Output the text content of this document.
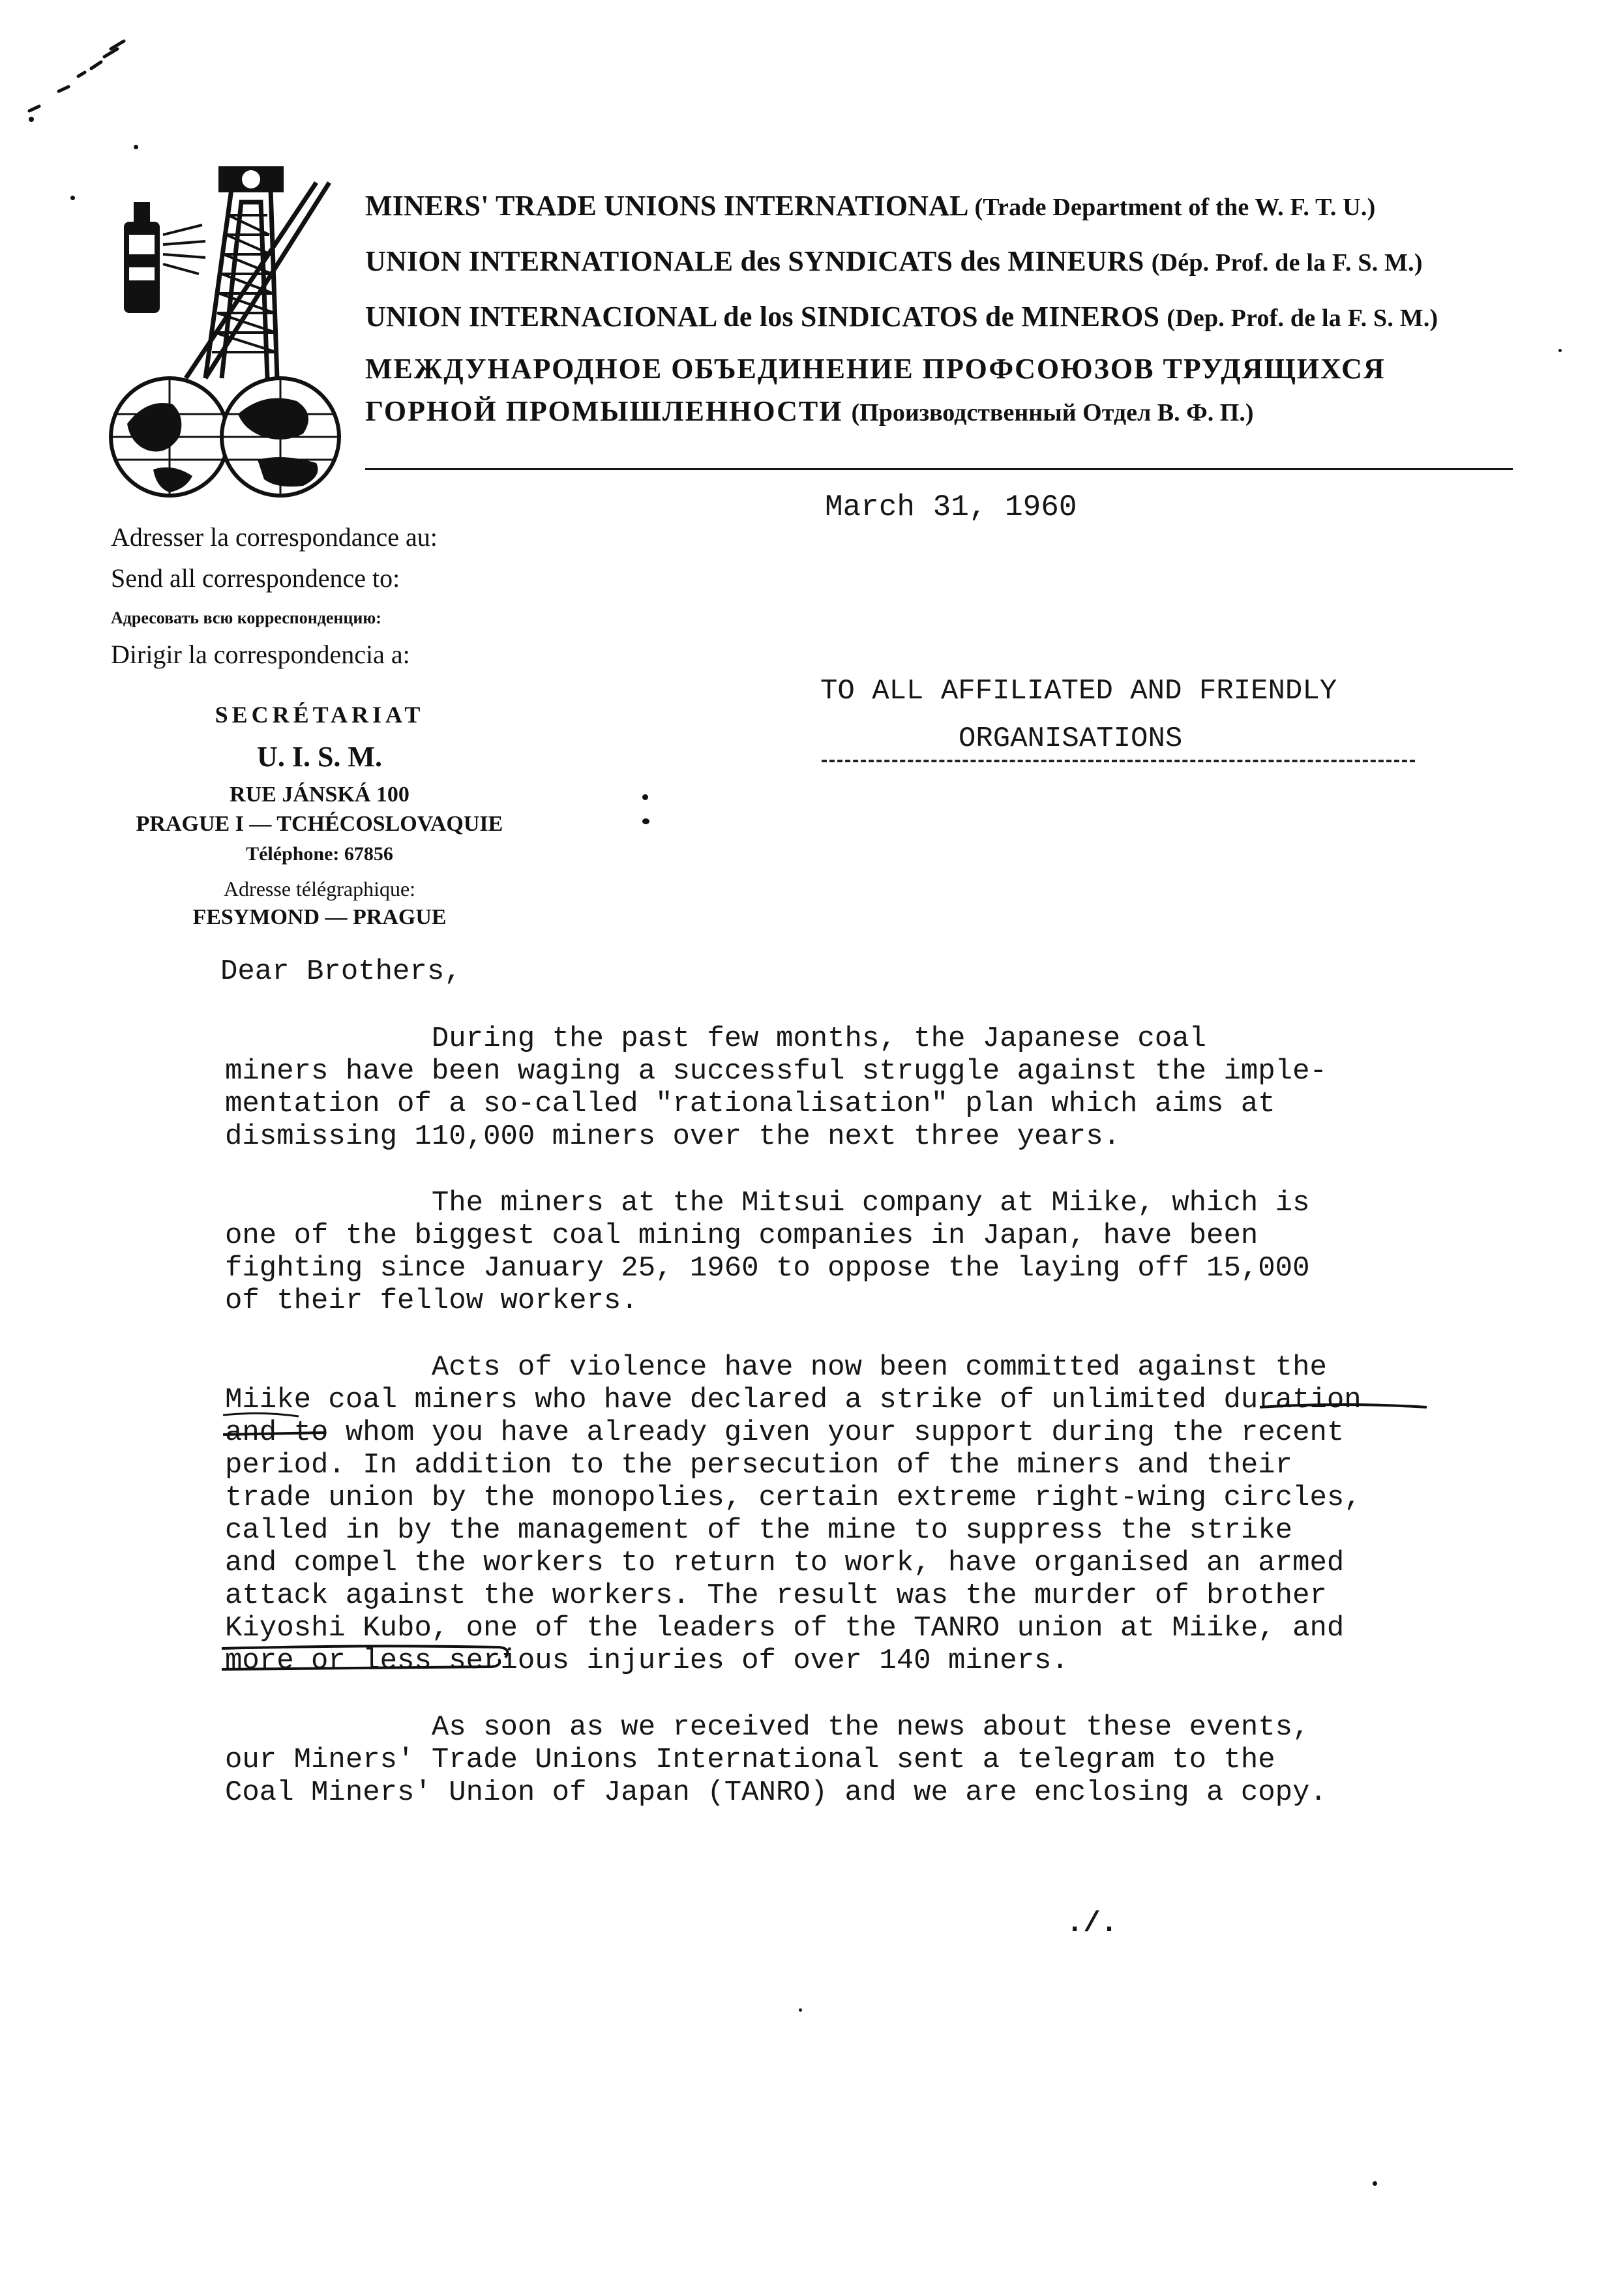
MINERS' TRADE UNIONS INTERNATIONAL (Trade Department of the W. F. T. U.)
UNION INTERNATIONALE des SYNDICATS des MINEURS (Dép. Prof. de la F. S. M.)
UNION INTERNACIONAL de los SINDICATOS de MINEROS (Dep. Prof. de la F. S. M.)
МЕЖДУНАРОДНОЕ ОБЪЕДИНЕНИЕ ПРОФСОЮЗОВ ТРУДЯЩИХСЯ
ГОРНОЙ ПРОМЫШЛЕННОСТИ (Производственный Отдел В. Ф. П.)
March 31, 1960
Adresser la correspondance au:
Send all correspondence to:
Адресовать всю корреспонденцию:
Dirigir la correspondencia a:
SECRÉTARIAT
U. I. S. M.
RUE JÁNSKÁ 100
PRAGUE I — TCHÉCOSLOVAQUIE
Téléphone: 67856
Adresse télégraphique:
FESYMOND — PRAGUE
TO ALL AFFILIATED AND FRIENDLY
ORGANISATIONS
Dear Brothers,
During the past few months, the Japanese coal
miners have been waging a successful struggle against the imple-
mentation of a so-called "rationalisation" plan which aims at
dismissing 110,000 miners over the next three years.
The miners at the Mitsui company at Miike, which is
one of the biggest coal mining companies in Japan, have been
fighting since January 25, 1960 to oppose the laying off 15,000
of their fellow workers.
Acts of violence have now been committed against the
Miike coal miners who have declared a strike of unlimited duration
and to whom you have already given your support during the recent
period. In addition to the persecution of the miners and their
trade union by the monopolies, certain extreme right-wing circles,
called in by the management of the mine to suppress the strike
and compel the workers to return to work, have organised an armed
attack against the workers. The result was the murder of brother
Kiyoshi Kubo, one of the leaders of the TANRO union at Miike, and
more or less serious injuries of over 140 miners.
As soon as we received the news about these events,
our Miners' Trade Unions International sent a telegram to the
Coal Miners' Union of Japan (TANRO) and we are enclosing a copy.
./.
